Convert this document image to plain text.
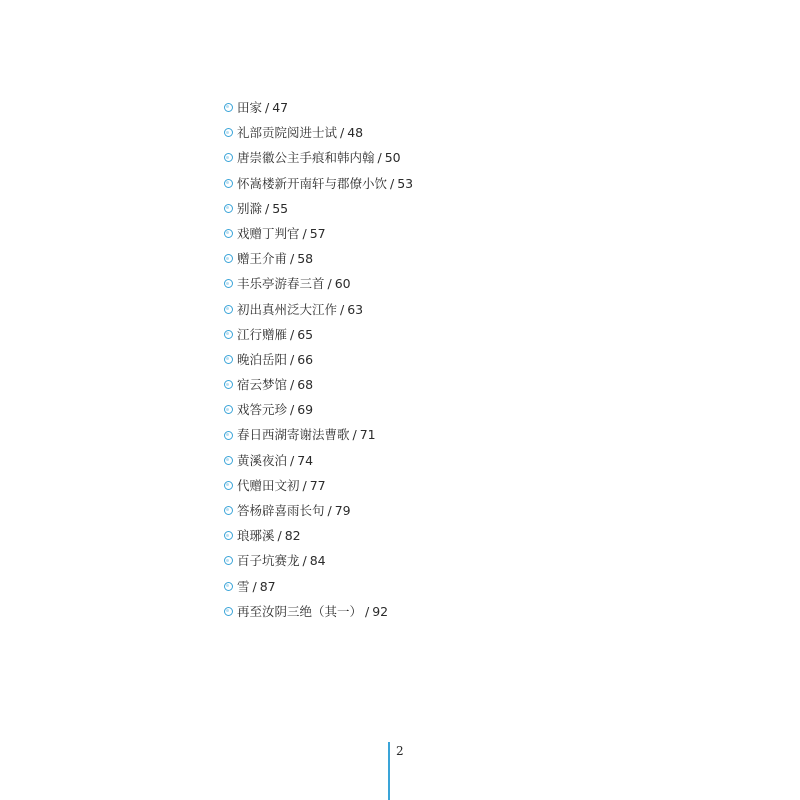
田家 / 47
礼部贡院阅进士试 / 48
唐崇徽公主手痕和韩内翰 / 50
怀嵩楼新开南轩与郡僚小饮 / 53
别滁 / 55
戏赠丁判官 / 57
赠王介甫 / 58
丰乐亭游春三首 / 60
初出真州泛大江作 / 63
江行赠雁 / 65
晚泊岳阳 / 66
宿云梦馆 / 68
戏答元珍 / 69
春日西湖寄谢法曹歌 / 71
黄溪夜泊 / 74
代赠田文初 / 77
答杨辟喜雨长句 / 79
琅琊溪 / 82
百子坑赛龙 / 84
雪 / 87
再至汝阴三绝（其一） / 92
2
